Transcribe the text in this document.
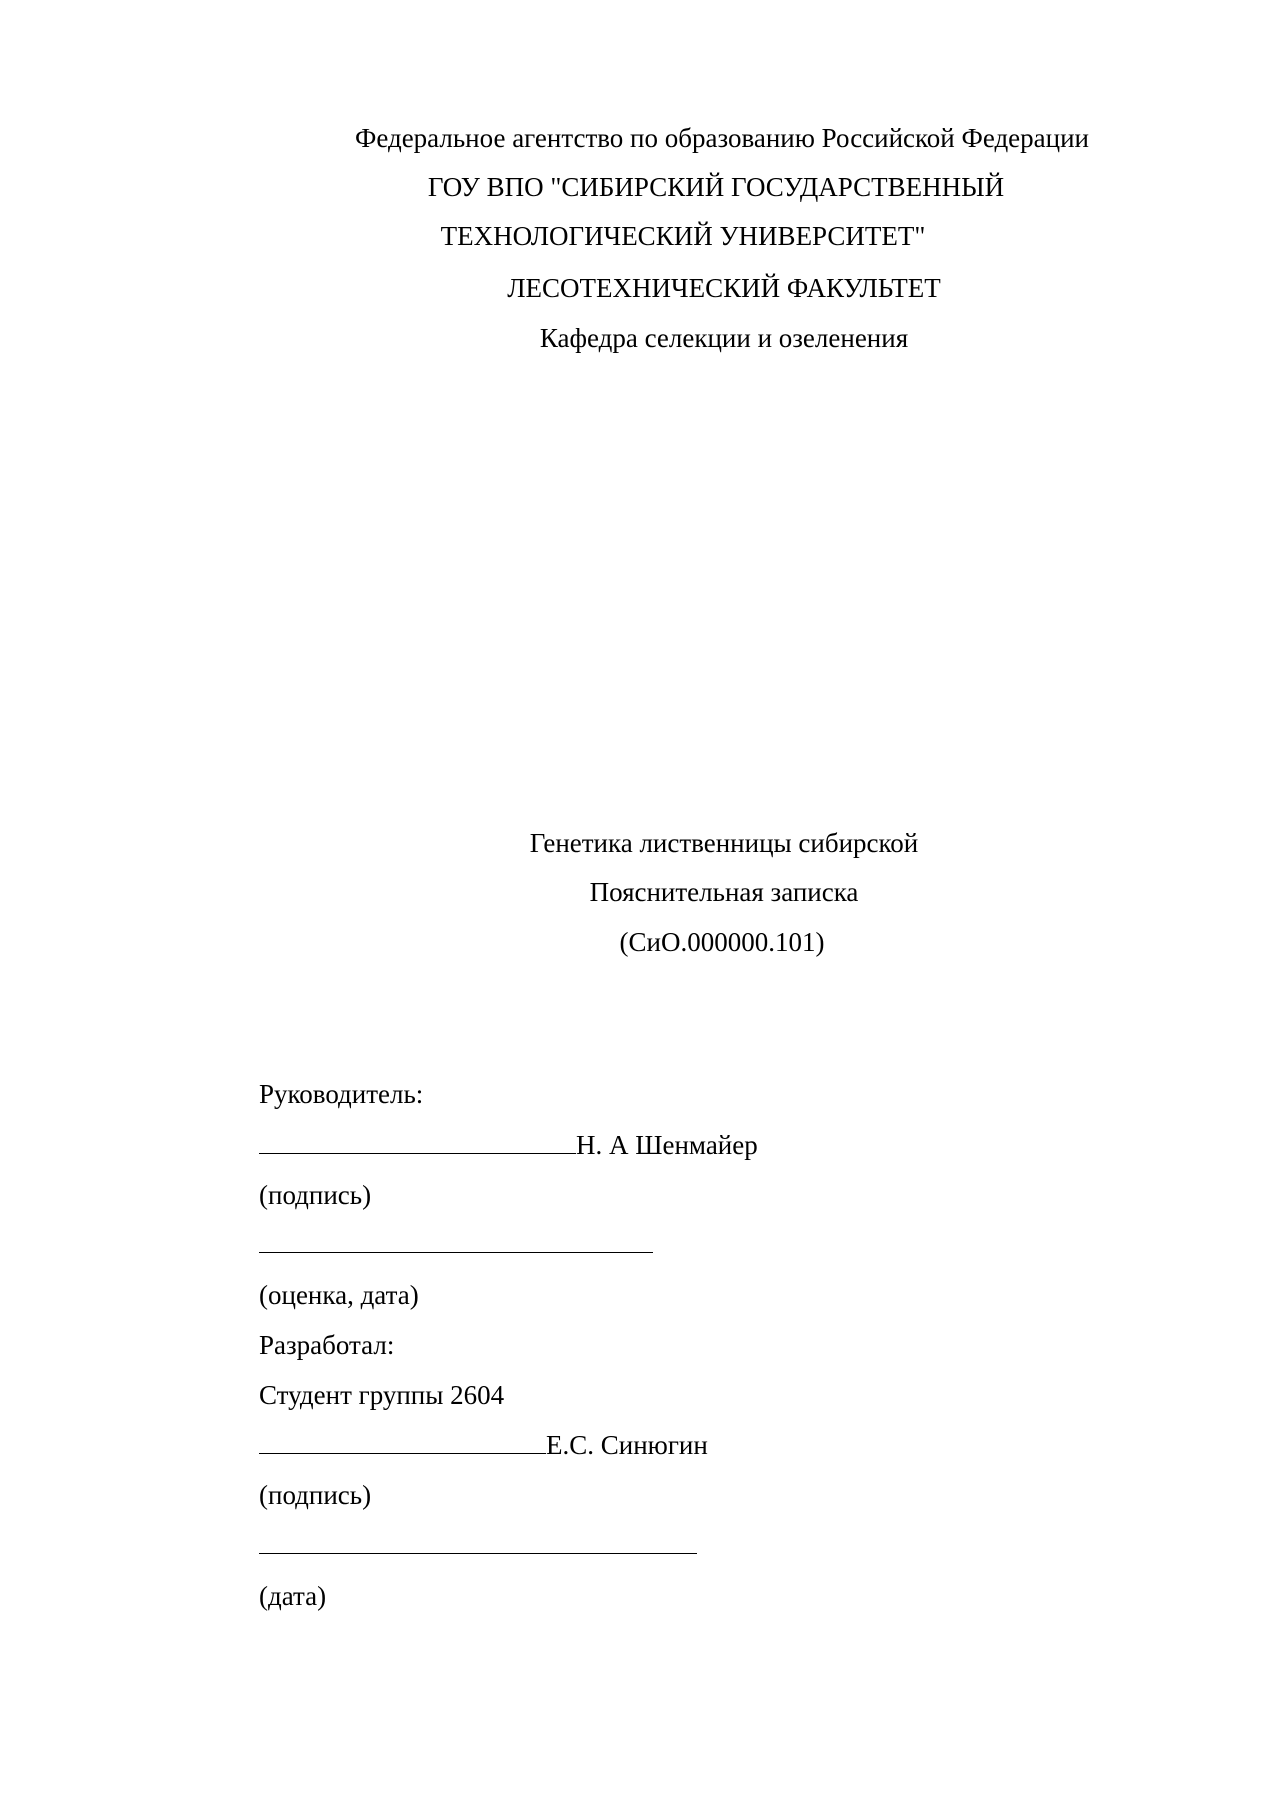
Федеральное агентство по образованию Российской Федерации
ГОУ ВПО "СИБИРСКИЙ ГОСУДАРСТВЕННЫЙ
ТЕХНОЛОГИЧЕСКИЙ УНИВЕРСИТЕТ"
ЛЕСОТЕХНИЧЕСКИЙ ФАКУЛЬТЕТ
Кафедра селекции и озеленения
Генетика лиственницы сибирской
Пояснительная записка
(СиО.000000.101)
Руководитель:
Н. А Шенмайер
(подпись)
(оценка, дата)
Разработал:
Студент группы 2604
Е.С. Синюгин
(подпись)
(дата)
